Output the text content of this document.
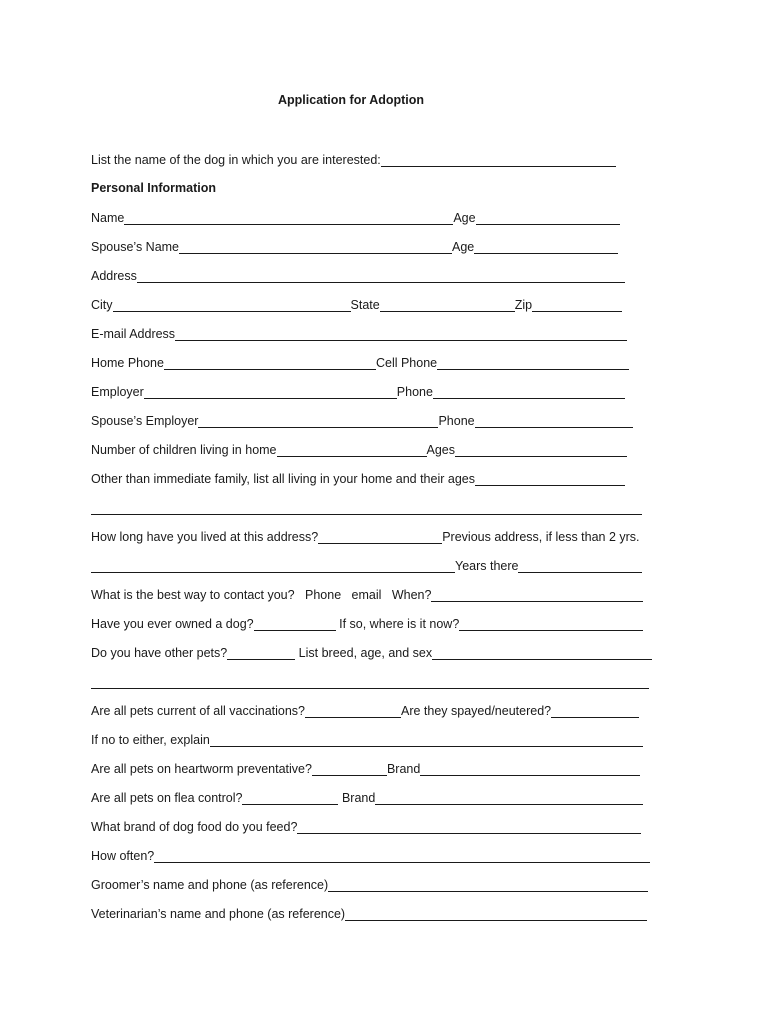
Application for Adoption
List the name of the dog in which you are interested:
Personal Information
Name	Age
Spouse’s Name	Age
Address
City	State	Zip
E-mail Address
Home Phone	Cell Phone
Employer	Phone
Spouse’s Employer	Phone
Number of children living in home	Ages
Other than immediate family, list all living in your home and their ages
How long have you lived at this address?	Previous address, if less than 2 yrs.
Years there
What is the best way to contact you?   Phone   email   When?
Have you ever owned a dog?	If so, where is it now?
Do you have other pets?	List breed, age, and sex
Are all pets current of all vaccinations?	Are they spayed/neutered?
If no to either, explain
Are all pets on heartworm preventative?	Brand
Are all pets on flea control?	Brand
What brand of dog food do you feed?
How often?
Groomer’s name and phone (as reference)
Veterinarian’s name and phone (as reference)
